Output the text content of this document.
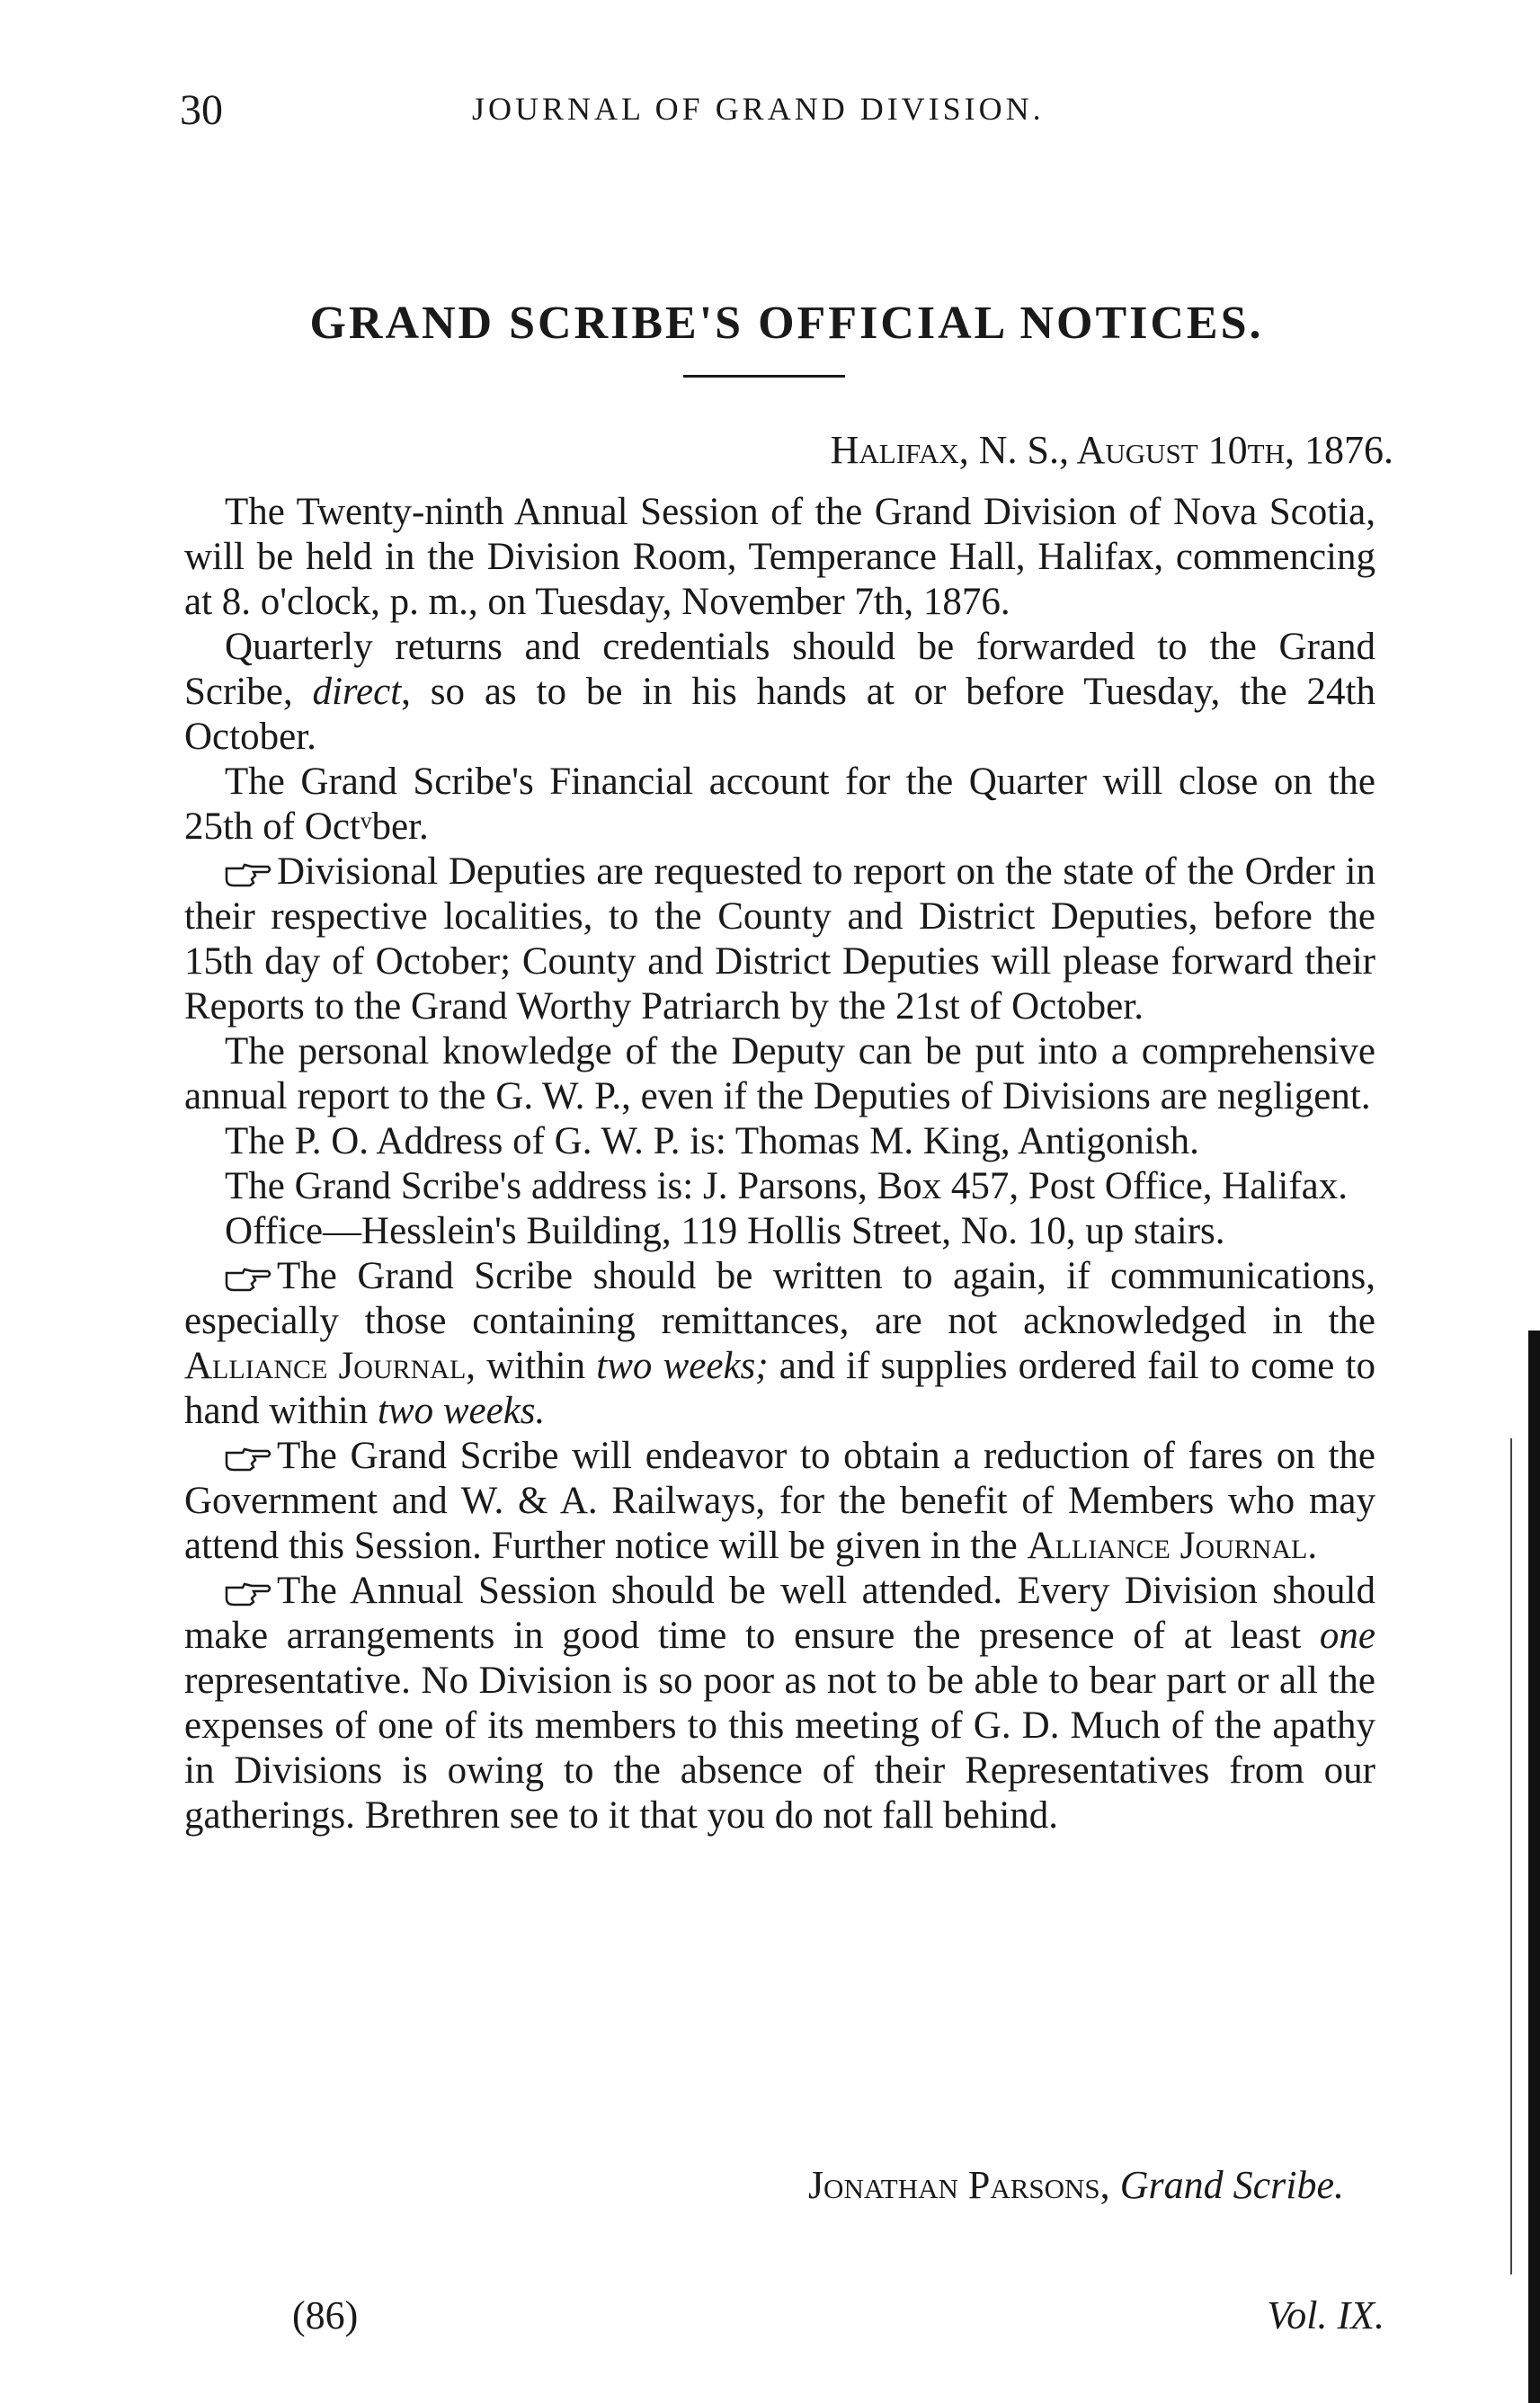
30	JOURNAL OF GRAND DIVISION.
GRAND SCRIBE'S OFFICIAL NOTICES.
Halifax, N. S., August 10th, 1876.

The Twenty-ninth Annual Session of the Grand Division of Nova Scotia, will be held in the Division Room, Temperance Hall, Halifax, commencing at 8. o'clock, p. m., on Tuesday, November 7th, 1876.

Quarterly returns and credentials should be forwarded to the Grand Scribe, direct, so as to be in his hands at or before Tuesday, the 24th October.

The Grand Scribe's Financial account for the Quarter will close on the 25th of Octᵛber.

Divisional Deputies are requested to report on the state of the Order in their respective localities, to the County and District Deputies, before the 15th day of October; County and District Deputies will please forward their Reports to the Grand Worthy Patriarch by the 21st of October.

The personal knowledge of the Deputy can be put into a comprehensive annual report to the G. W. P., even if the Deputies of Divisions are negligent.

The P. O. Address of G. W. P. is: Thomas M. King, Antigonish.

The Grand Scribe's address is: J. Parsons, Box 457, Post Office, Halifax.

Office—Hesslein's Building, 119 Hollis Street, No. 10, up stairs.

The Grand Scribe should be written to again, if communications, especially those containing remittances, are not acknowledged in the Alliance Journal, within two weeks; and if supplies ordered fail to come to hand within two weeks.

The Grand Scribe will endeavor to obtain a reduction of fares on the Government and W. & A. Railways, for the benefit of Members who may attend this Session. Further notice will be given in the Alliance Journal.

The Annual Session should be well attended. Every Division should make arrangements in good time to ensure the presence of at least one representative. No Division is so poor as not to be able to bear part or all the expenses of one of its members to this meeting of G. D. Much of the apathy in Divisions is owing to the absence of their Representatives from our gatherings. Brethren see to it that you do not fall behind.

Jonathan Parsons, Grand Scribe.
(86)	Vol. IX.
